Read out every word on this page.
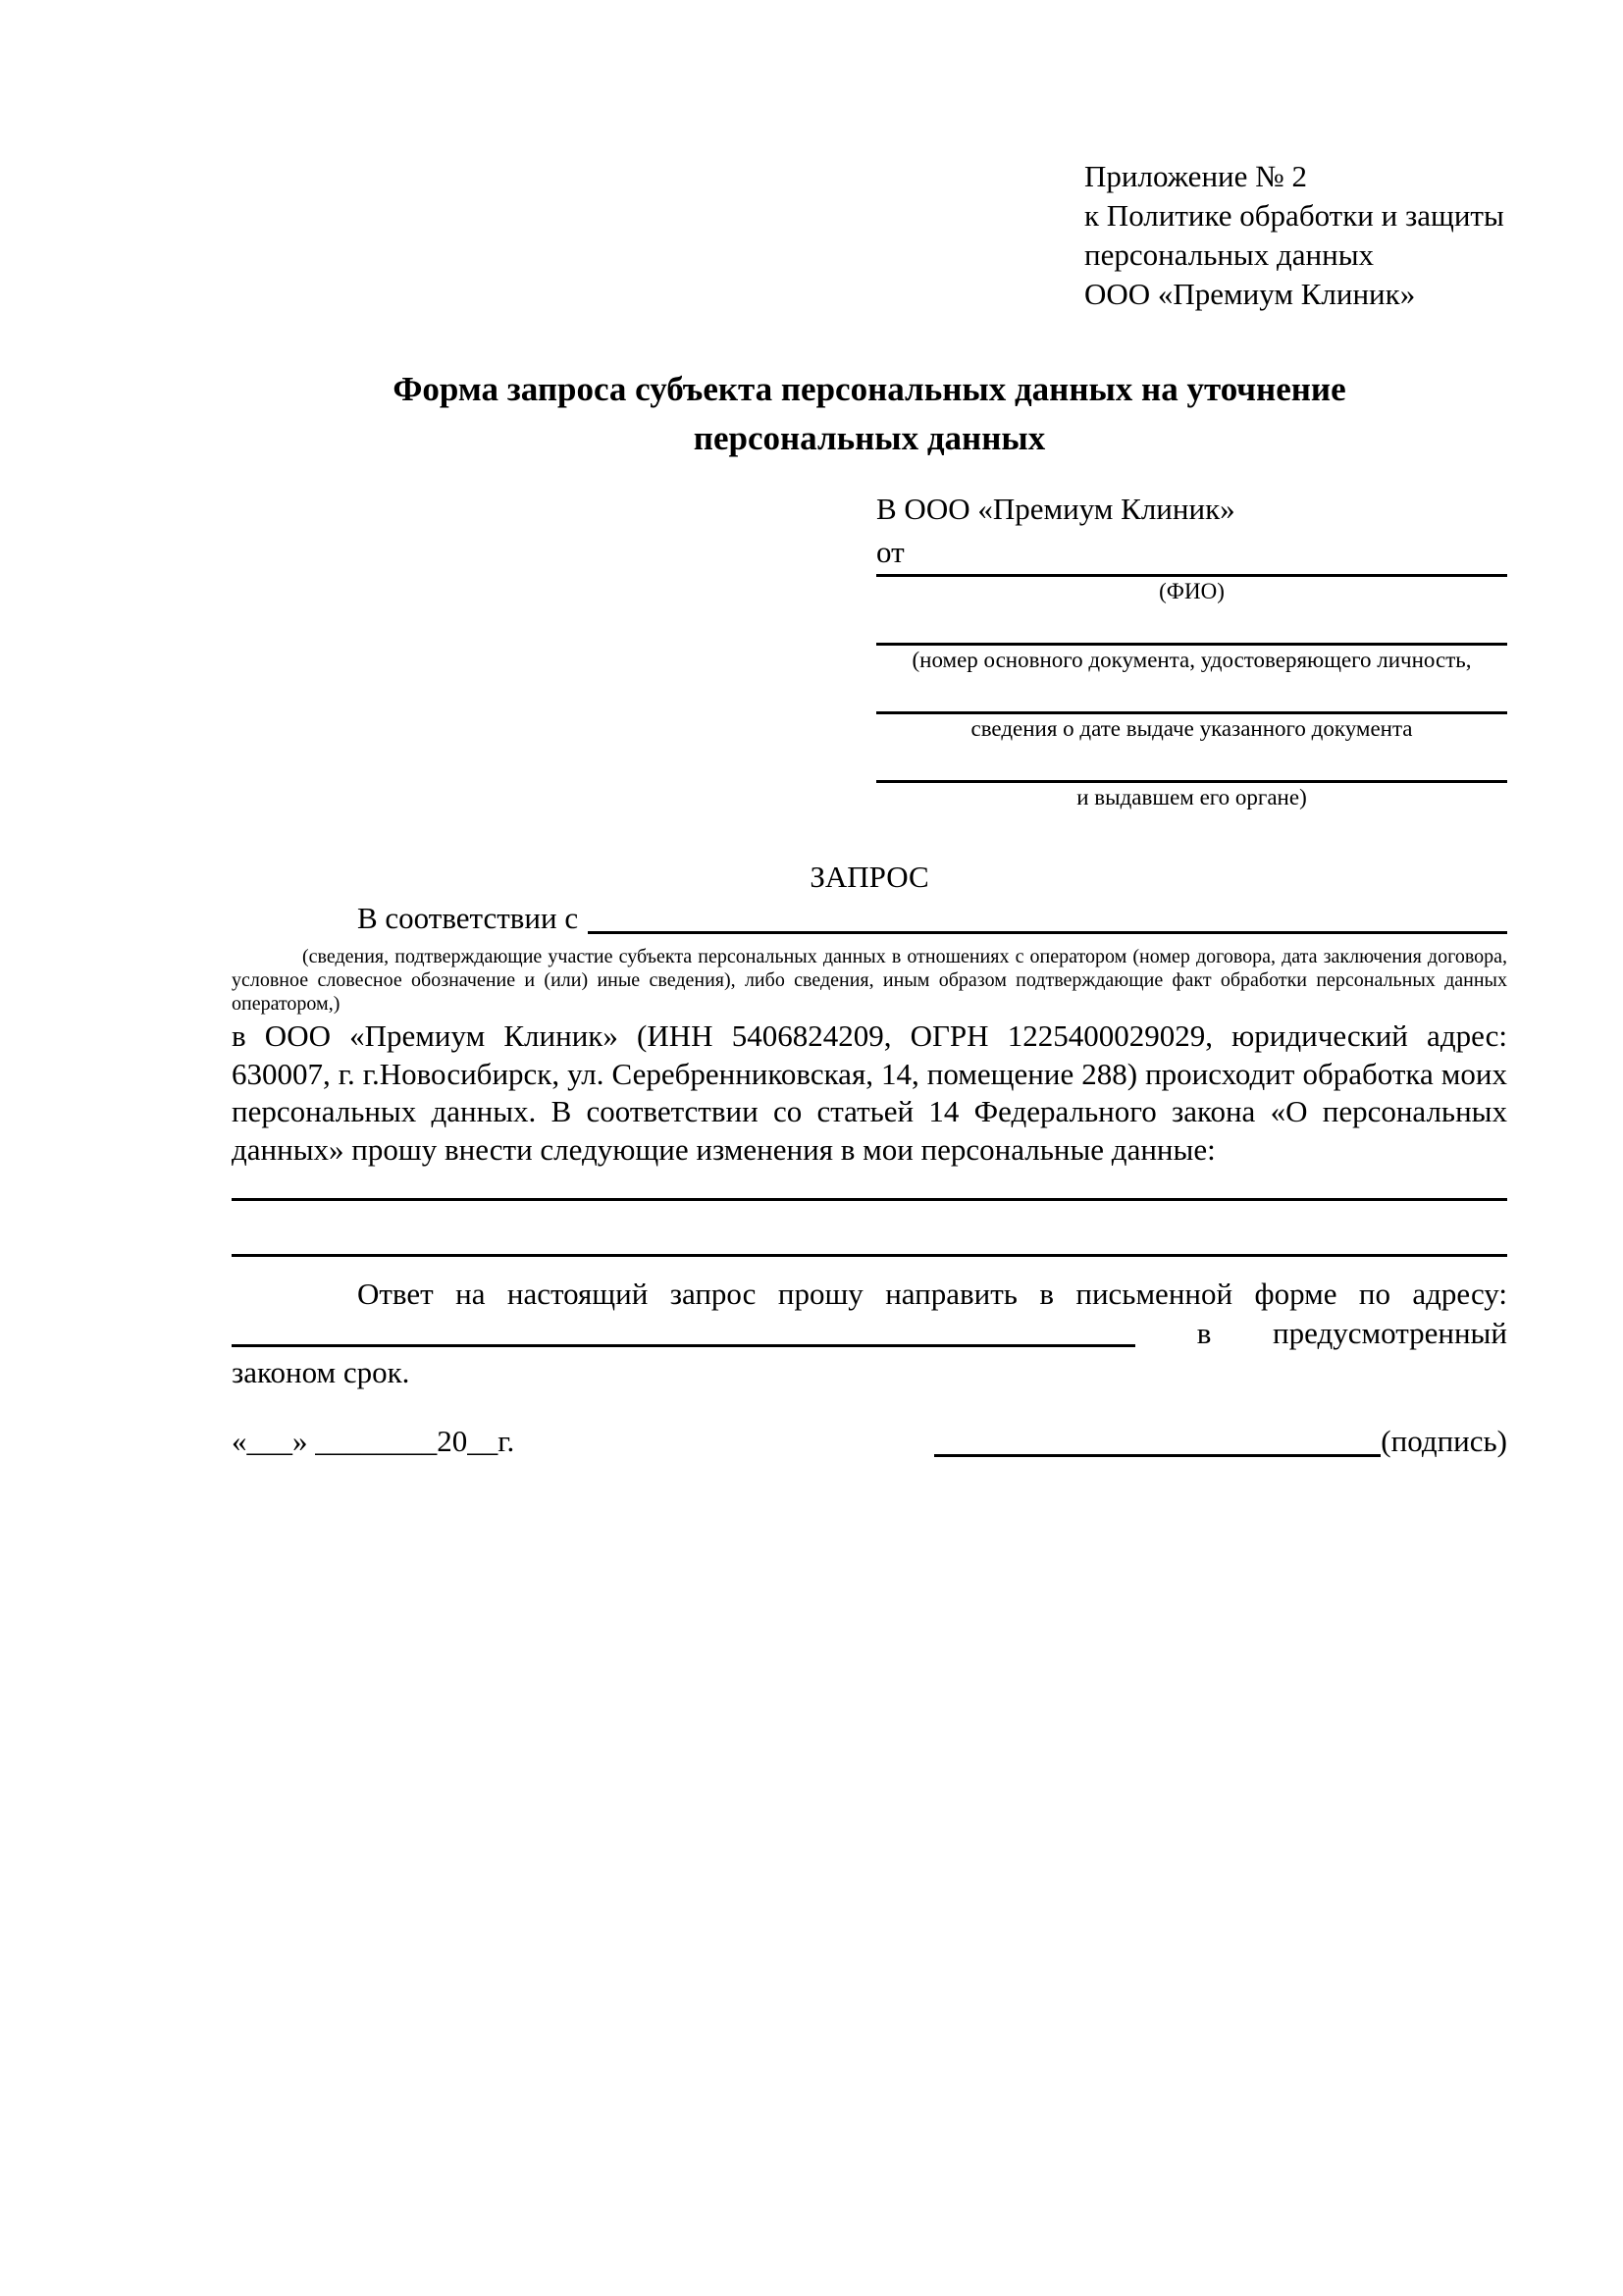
Приложение № 2
к Политике обработки и защиты
персональных данных
ООО «Премиум Клиник»
Форма запроса субъекта персональных данных на уточнение персональных данных
В ООО «Премиум Клиник»
от
(ФИО)
(номер основного документа, удостоверяющего личность,
сведения о дате выдаче указанного документа
и выдавшем его органе)
ЗАПРОС
В соответствии с
(сведения, подтверждающие участие субъекта персональных данных в отношениях с оператором (номер договора, дата заключения договора, условное словесное обозначение и (или) иные сведения), либо сведения, иным образом подтверждающие факт обработки персональных данных оператором,)
в ООО «Премиум Клиник» (ИНН 5406824209, ОГРН 1225400029029, юридический адрес: 630007, г. г.Новосибирск, ул. Серебренниковская, 14, помещение 288) происходит обработка моих персональных данных. В соответствии со статьей 14 Федерального закона «О персональных данных» прошу внести следующие изменения в мои персональные данные:
Ответ на настоящий запрос прошу направить в письменной форме по адресу:
в предусмотренный
законом срок.
«___» ________20__г.	(подпись)
